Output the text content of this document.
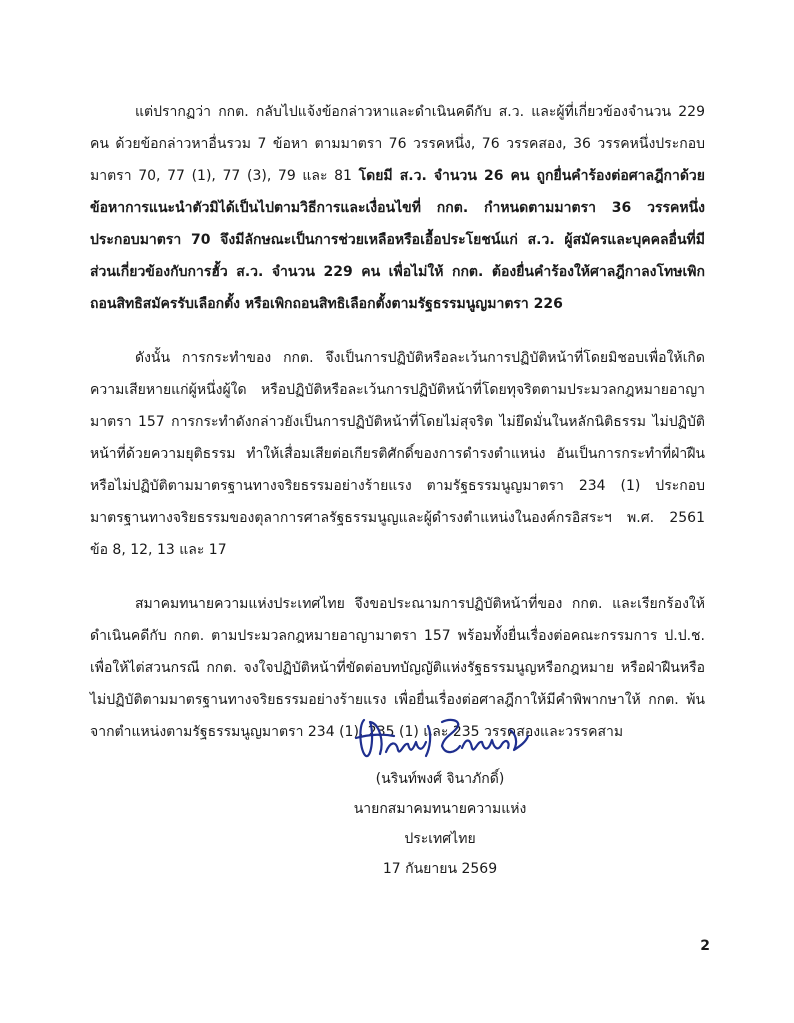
แต่ปรากฏว่า กกต. กลับไปแจ้งข้อกล่าวหาและดำเนินคดีกับ ส.ว. และผู้ที่เกี่ยวข้องจำนวน 229 คน ด้วยข้อกล่าวหาอื่นรวม 7 ข้อหา ตามมาตรา 76 วรรคหนึ่ง, 76 วรรคสอง, 36 วรรคหนึ่งประกอบมาตรา 70, 77 (1), 77 (3), 79 และ 81 โดยมี ส.ว. จำนวน 26 คน ถูกยื่นคำร้องต่อศาลฎีกาด้วยข้อหาการแนะนำตัวมิได้เป็นไปตามวิธีการและเงื่อนไขที่ กกต. กำหนดตามมาตรา 36 วรรคหนึ่ง ประกอบมาตรา 70 จึงมีลักษณะเป็นการช่วยเหลือหรือเอื้อประโยชน์แก่ ส.ว. ผู้สมัครและบุคคลอื่นที่มีส่วนเกี่ยวข้องกับการฮั้ว ส.ว. จำนวน 229 คน เพื่อไม่ให้ กกต. ต้องยื่นคำร้องให้ศาลฎีกาลงโทษเพิกถอนสิทธิสมัครรับเลือกตั้ง หรือเพิกถอนสิทธิเลือกตั้งตามรัฐธรรมนูญมาตรา 226

ดังนั้น การกระทำของ กกต. จึงเป็นการปฏิบัติหรือละเว้นการปฏิบัติหน้าที่โดยมิชอบเพื่อให้เกิดความเสียหายแก่ผู้หนึ่งผู้ใด หรือปฏิบัติหรือละเว้นการปฏิบัติหน้าที่โดยทุจริตตามประมวลกฎหมายอาญา มาตรา 157 การกระทำดังกล่าวยังเป็นการปฏิบัติหน้าที่โดยไม่สุจริต ไม่ยึดมั่นในหลักนิติธรรม ไม่ปฏิบัติหน้าที่ด้วยความยุติธรรม ทำให้เสื่อมเสียต่อเกียรติศักดิ์ของการดำรงตำแหน่ง อันเป็นการกระทำที่ฝ่าฝืนหรือไม่ปฏิบัติตามมาตรฐานทางจริยธรรมอย่างร้ายแรง ตามรัฐธรรมนูญมาตรา 234 (1) ประกอบมาตรฐานทางจริยธรรมของตุลาการศาลรัฐธรรมนูญและผู้ดำรงตำแหน่งในองค์กรอิสระฯ พ.ศ. 2561 ข้อ 8, 12, 13 และ 17

สมาคมทนายความแห่งประเทศไทย จึงขอประณามการปฏิบัติหน้าที่ของ กกต. และเรียกร้องให้ดำเนินคดีกับ กกต. ตามประมวลกฎหมายอาญามาตรา 157 พร้อมทั้งยื่นเรื่องต่อคณะกรรมการ ป.ป.ช. เพื่อให้ไต่สวนกรณี กกต. จงใจปฏิบัติหน้าที่ขัดต่อบทบัญญัติแห่งรัฐธรรมนูญหรือกฎหมาย หรือฝ่าฝืนหรือไม่ปฏิบัติตามมาตรฐานทางจริยธรรมอย่างร้ายแรง เพื่อยื่นเรื่องต่อศาลฎีกาให้มีคำพิพากษาให้ กกต. พ้นจากตำแหน่งตามรัฐธรรมนูญมาตรา 234 (1), 235 (1) และ 235 วรรคสองและวรรคสาม

(นรินท์พงศ์ จินาภักดิ์)
นายกสมาคมทนายความแห่งประเทศไทย
17 กันยายน 2569
2
